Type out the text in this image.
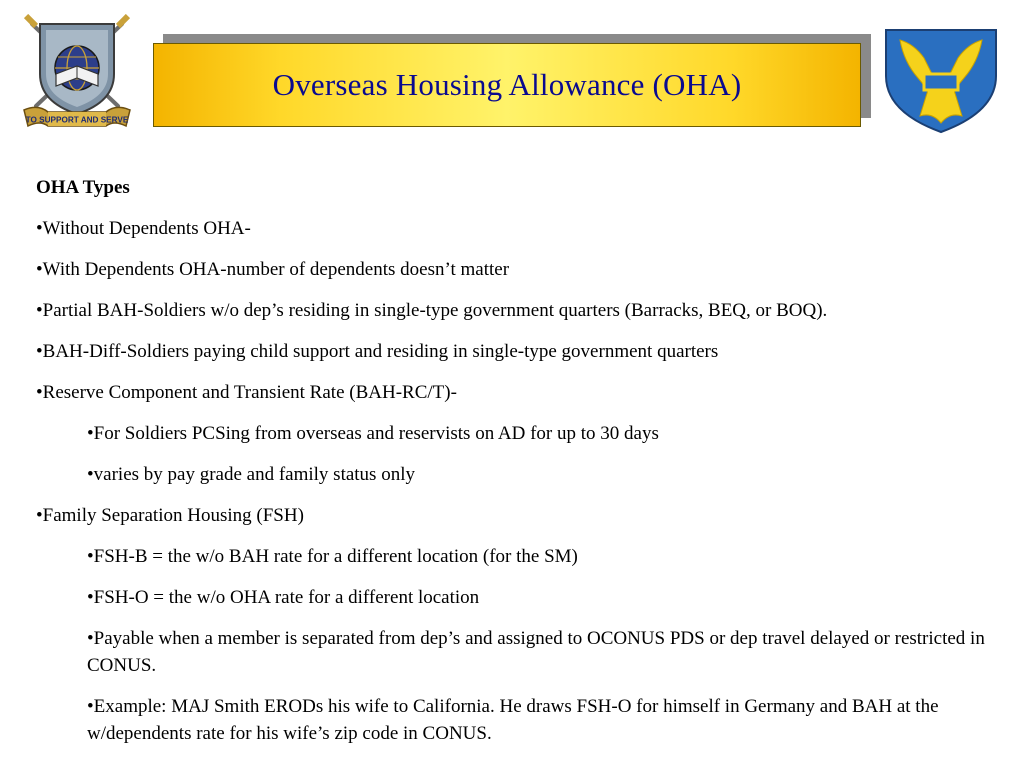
TO SUPPORT AND SERVE
Overseas Housing Allowance (OHA)
OHA Types
•Without Dependents OHA-
•With Dependents OHA-number of dependents doesn’t matter
•Partial BAH-Soldiers w/o dep’s residing in single-type government quarters (Barracks, BEQ, or BOQ).
•BAH-Diff-Soldiers paying child support and residing in single-type government quarters
•Reserve Component and Transient Rate (BAH-RC/T)-
•For Soldiers PCSing from overseas and reservists on AD for up to 30 days
•varies by pay grade and family status only
•Family Separation Housing (FSH)
•FSH-B = the w/o BAH rate for a different location (for the SM)
•FSH-O = the w/o OHA rate for a different location
•Payable when a member is separated from dep’s and assigned to OCONUS PDS or dep travel delayed or restricted in CONUS.
•Example: MAJ Smith ERODs his wife to California. He draws FSH-O for himself in Germany and BAH at the w/dependents rate for his wife’s zip code in CONUS.
